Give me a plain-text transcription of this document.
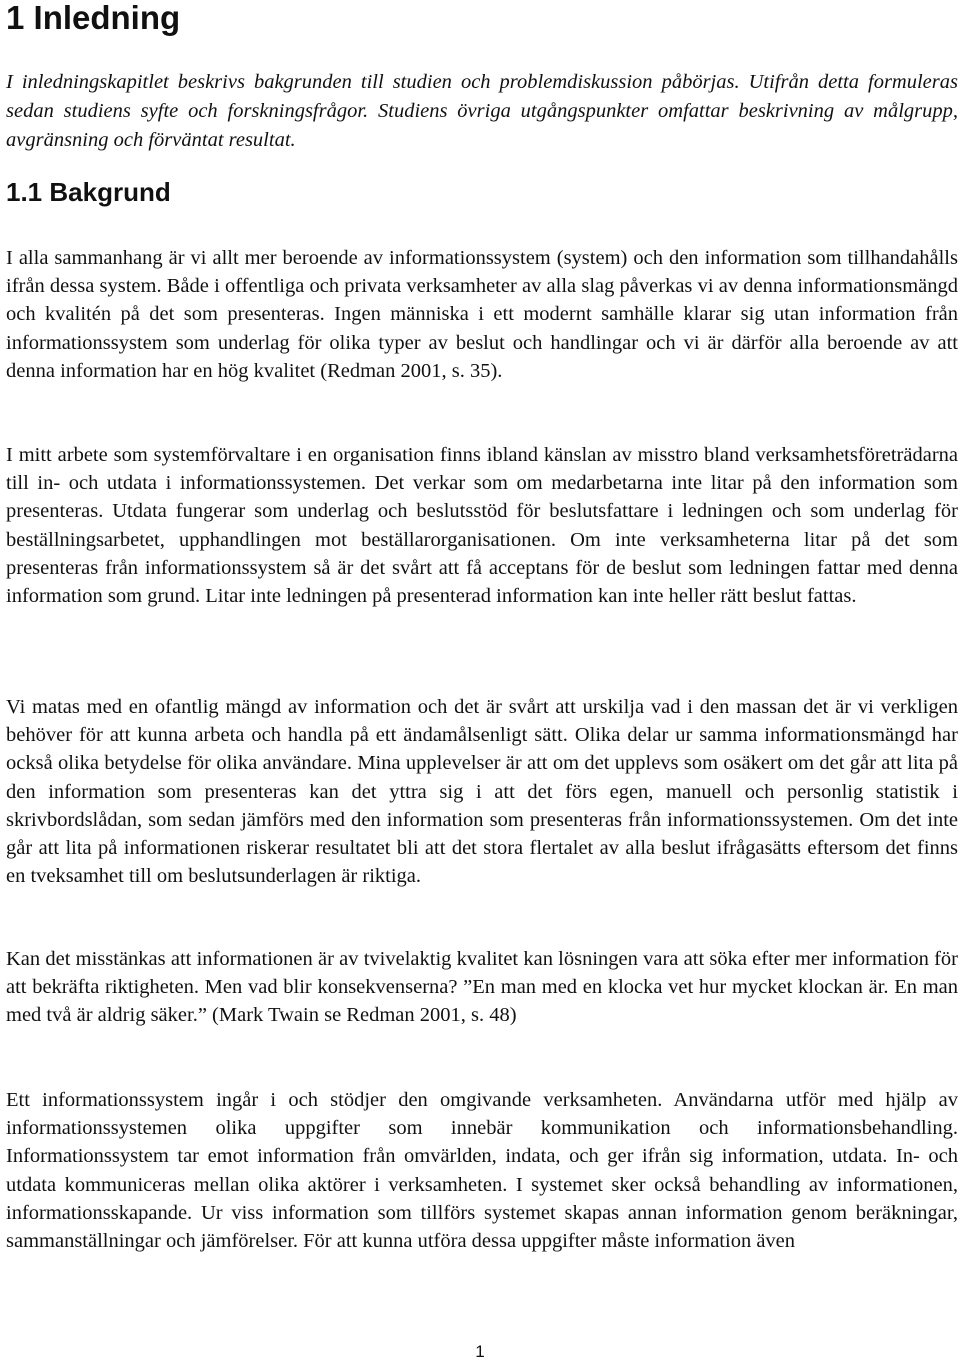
1 Inledning

I inledningskapitlet beskrivs bakgrunden till studien och problemdiskussion påbörjas. Utifrån detta formuleras sedan studiens syfte och forskningsfrågor. Studiens övriga utgångspunkter omfattar beskrivning av målgrupp, avgränsning och förväntat resultat.

1.1 Bakgrund

I alla sammanhang är vi allt mer beroende av informationssystem (system) och den information som tillhandahålls ifrån dessa system. Både i offentliga och privata verksamheter av alla slag påverkas vi av denna informationsmängd och kvalitén på det som presenteras. Ingen människa i ett modernt samhälle klarar sig utan information från informationssystem som underlag för olika typer av beslut och handlingar och vi är därför alla beroende av att denna information har en hög kvalitet (Redman 2001, s. 35).

I mitt arbete som systemförvaltare i en organisation finns ibland känslan av misstro bland verksamhetsföreträdarna till in- och utdata i informationssystemen. Det verkar som om medarbetarna inte litar på den information som presenteras. Utdata fungerar som underlag och beslutsstöd för beslutsfattare i ledningen och som underlag för beställningsarbetet, upphandlingen mot beställarorganisationen. Om inte verksamheterna litar på det som presenteras från informationssystem så är det svårt att få acceptans för de beslut som ledningen fattar med denna information som grund. Litar inte ledningen på presenterad information kan inte heller rätt beslut fattas.

Vi matas med en ofantlig mängd av information och det är svårt att urskilja vad i den massan det är vi verkligen behöver för att kunna arbeta och handla på ett ändamålsenligt sätt. Olika delar ur samma informationsmängd har också olika betydelse för olika användare. Mina upplevelser är att om det upplevs som osäkert om det går att lita på den information som presenteras kan det yttra sig i att det förs egen, manuell och personlig statistik i skrivbordslådan, som sedan jämförs med den information som presenteras från informationssystemen. Om det inte går att lita på informationen riskerar resultatet bli att det stora flertalet av alla beslut ifrågasätts eftersom det finns en tveksamhet till om beslutsunderlagen är riktiga.

Kan det misstänkas att informationen är av tvivelaktig kvalitet kan lösningen vara att söka efter mer information för att bekräfta riktigheten. Men vad blir konsekvenserna? ”En man med en klocka vet hur mycket klockan är. En man med två är aldrig säker.” (Mark Twain se Redman 2001, s. 48)

Ett informationssystem ingår i och stödjer den omgivande verksamheten. Användarna utför med hjälp av informationssystemen olika uppgifter som innebär kommunikation och informationsbehandling. Informationssystem tar emot information från omvärlden, indata, och ger ifrån sig information, utdata. In- och utdata kommuniceras mellan olika aktörer i verksamheten. I systemet sker också behandling av informationen, informationsskapande. Ur viss information som tillförs systemet skapas annan information genom beräkningar, sammanställningar och jämförelser. För att kunna utföra dessa uppgifter måste information även

1
